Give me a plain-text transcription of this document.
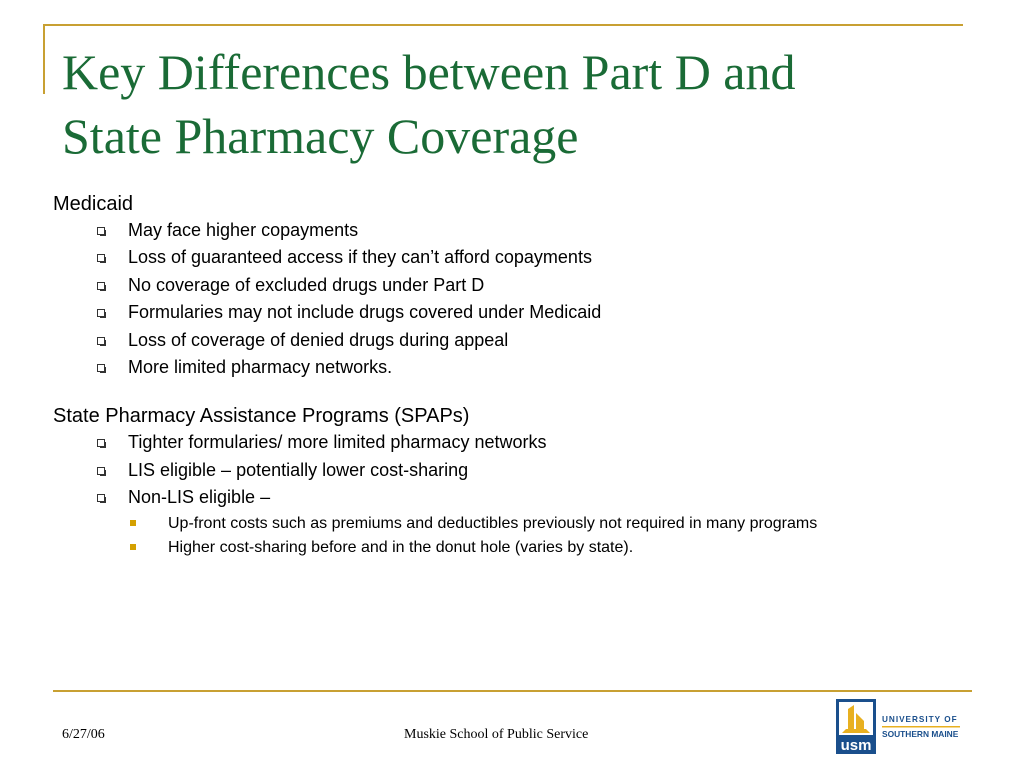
Key Differences between Part D and
State Pharmacy Coverage

Medicaid

May face higher copayments
Loss of guaranteed access if they can’t afford copayments
No coverage of excluded drugs under Part D
Formularies may not include drugs covered under Medicaid
Loss of coverage of denied drugs during appeal
More limited pharmacy networks.

State Pharmacy Assistance Programs (SPAPs)

Tighter formularies/ more limited pharmacy networks
LIS eligible – potentially lower cost-sharing
Non-LIS eligible –
Up-front costs such as premiums and deductibles previously not required in many programs
Higher cost-sharing before and in the donut hole (varies by state).
6/27/06	Muskie School of Public Service
usm
UNIVERSITY OF
SOUTHERN MAINE
